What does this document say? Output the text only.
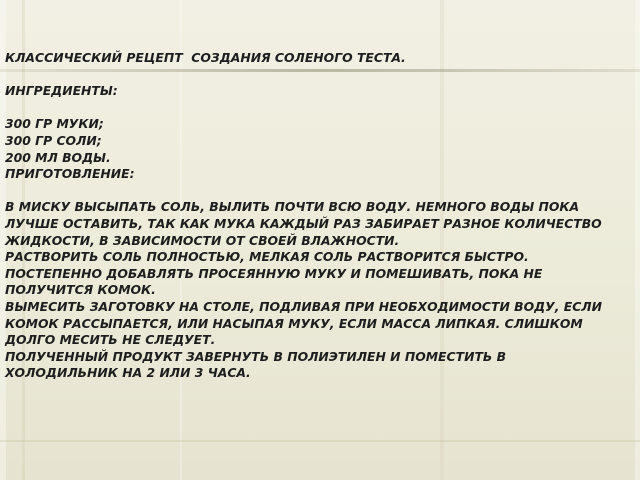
КЛАССИЧЕСКИЙ РЕЦЕПТ  СОЗДАНИЯ СОЛЕНОГО ТЕСТА.
ИНГРЕДИЕНТЫ:
300 ГР МУКИ;
300 ГР СОЛИ;
200 МЛ ВОДЫ.
ПРИГОТОВЛЕНИЕ:
В МИСКУ ВЫСЫПАТЬ СОЛЬ, ВЫЛИТЬ ПОЧТИ ВСЮ ВОДУ. НЕМНОГО ВОДЫ ПОКА
ЛУЧШЕ ОСТАВИТЬ, ТАК КАК МУКА КАЖДЫЙ РАЗ ЗАБИРАЕТ РАЗНОЕ КОЛИЧЕСТВО
ЖИДКОСТИ, В ЗАВИСИМОСТИ ОТ СВОЕЙ ВЛАЖНОСТИ.
РАСТВОРИТЬ СОЛЬ ПОЛНОСТЬЮ, МЕЛКАЯ СОЛЬ РАСТВОРИТСЯ БЫСТРО.
ПОСТЕПЕННО ДОБАВЛЯТЬ ПРОСЕЯННУЮ МУКУ И ПОМЕШИВАТЬ, ПОКА НЕ
ПОЛУЧИТСЯ КОМОК.
ВЫМЕСИТЬ ЗАГОТОВКУ НА СТОЛЕ, ПОДЛИВАЯ ПРИ НЕОБХОДИМОСТИ ВОДУ, ЕСЛИ
КОМОК РАССЫПАЕТСЯ, ИЛИ НАСЫПАЯ МУКУ, ЕСЛИ МАССА ЛИПКАЯ. СЛИШКОМ
ДОЛГО МЕСИТЬ НЕ СЛЕДУЕТ.
ПОЛУЧЕННЫЙ ПРОДУКТ ЗАВЕРНУТЬ В ПОЛИЭТИЛЕН И ПОМЕСТИТЬ В
ХОЛОДИЛЬНИК НА 2 ИЛИ 3 ЧАСА.
